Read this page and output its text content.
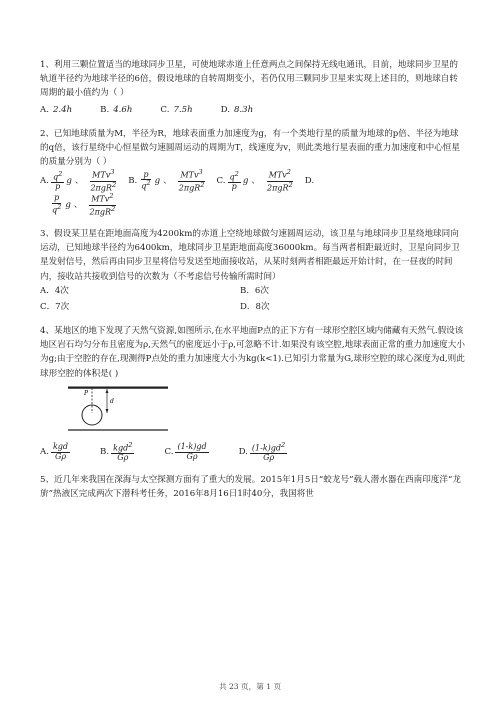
1、利用三颗位置适当的地球同步卫星，可使地球赤道上任意两点之间保持无线电通讯，目前，地球同步卫星的轨道半径约为地球半径的6倍，假设地球的自转周期变小，若仍仅用三颗同步卫星来实现上述目的，则地球自转周期的最小值约为（ ）

A. 2.4h	B. 4.6h	C. 7.5h	D. 8.3h

2、已知地球质量为M，半径为R，地球表面重力加速度为g，有一个类地行星的质量为地球的p倍、半径为地球的q倍，该行星绕中心恒星做匀速圆周运动的周期为T，线速度为v，则此类地行星表面的重力加速度和中心恒星的质量分别为（ ）

A. $\frac{q^2}{p}$ g 、 $\frac{MTv^3}{2\pi gR^2} B$. $\frac{p}{q^2}$ g 、 $\frac{MTv^3}{2\pi gR^2} C$. $\frac{q^2}{p}$ g 、 $\frac{MTv^2}{2\pi gR^2} D$.
$\frac{p}{q^2}$ g 、 $\frac{MTv^2}{2\pi gR^2}$

3、假设某卫星在距地面高度为4200km的赤道上空绕地球做匀速圆周运动，该卫星与地球同步卫星绕地球同向运动，已知地球半径约为6400km，地球同步卫星距地面高度36000km。每当两者相距最近时，卫星向同步卫星发射信号，然后再由同步卫星将信号发送至地面接收站，从某时刻两者相距最远开始计时，在一昼夜的时间内，接收站共接收到信号的次数为（不考虑信号传输所需时间）

A．4次	B．6次
C．7次	D．8次

4、某地区的地下发现了天然气资源,如图所示,在水平地面P点的正下方有一球形空腔区域内储藏有天然气.假设该地区岩石均匀分布且密度为ρ,天然气的密度远小于ρ,可忽略不计.如果没有该空腔,地球表面正常的重力加速度大小为g;由于空腔的存在,现测得P点处的重力加速度大小为kg(k<1).已知引力常量为G,球形空腔的球心深度为d,则此球形空腔的体积是( )

P
d
A. $\frac{\text{kgd}}{G\rho}$	B. $\frac{kgd^2}{G\rho}$	C. $\frac{(1-k)gd}{G\rho}$	D. $\frac{(1-k)gd^2}{G\rho}$

5、近几年来我国在深海与太空探测方面有了重大的发展。2015年1月5日“蛟龙号”载人潜水器在西南印度洋“龙旂”热液区完成两次下潜科考任务，2016年8月16日1时40分，我国将世

共 23 页，第 1 页
